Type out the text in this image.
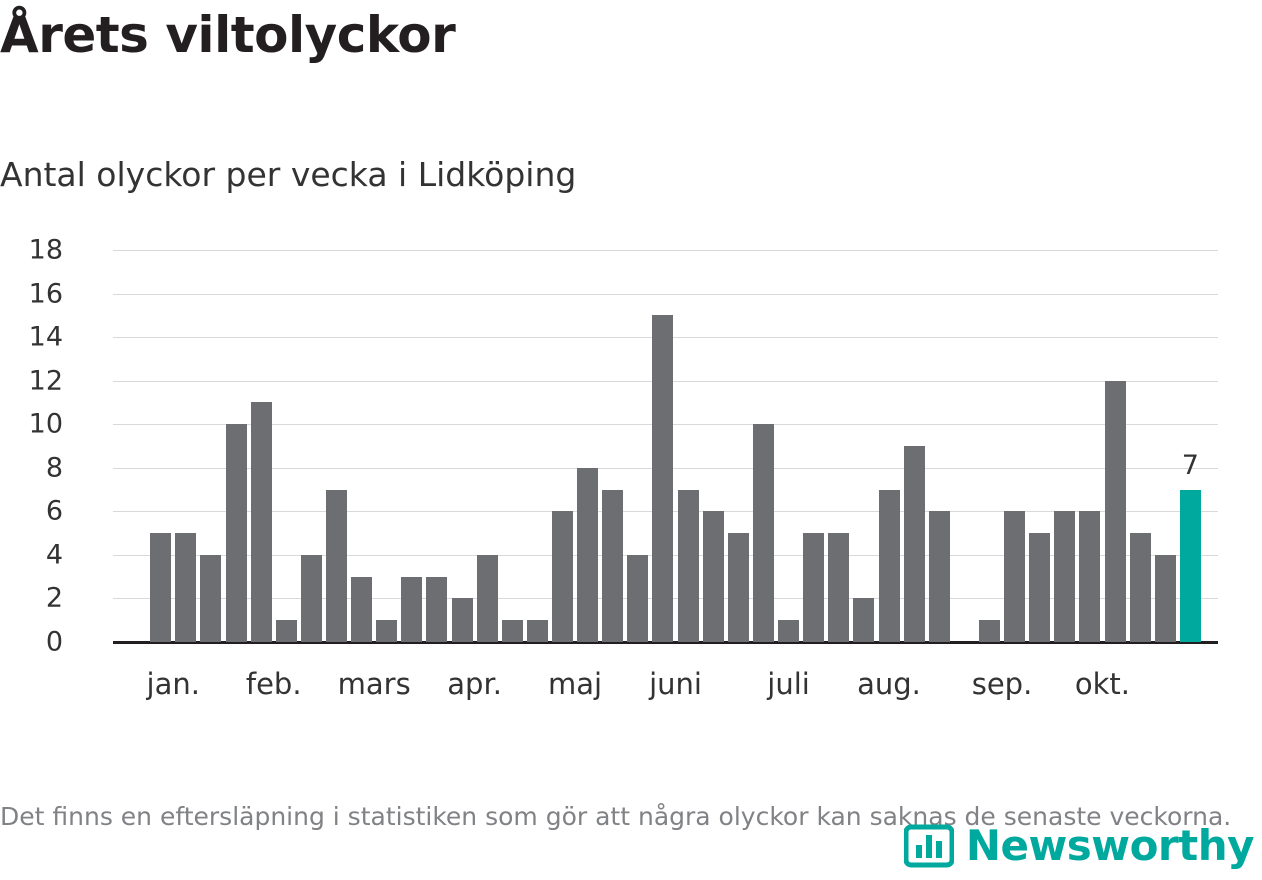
Årets viltolyckor
Antal olyckor per vecka i Lidköping
0
2
4
6
8
10
12
14
16
18
7
jan. feb. mars apr. maj juni juli aug. sep. okt.
Det finns en eftersläpning i statistiken som gör att några olyckor kan saknas de senaste veckorna.
Newsworthy
